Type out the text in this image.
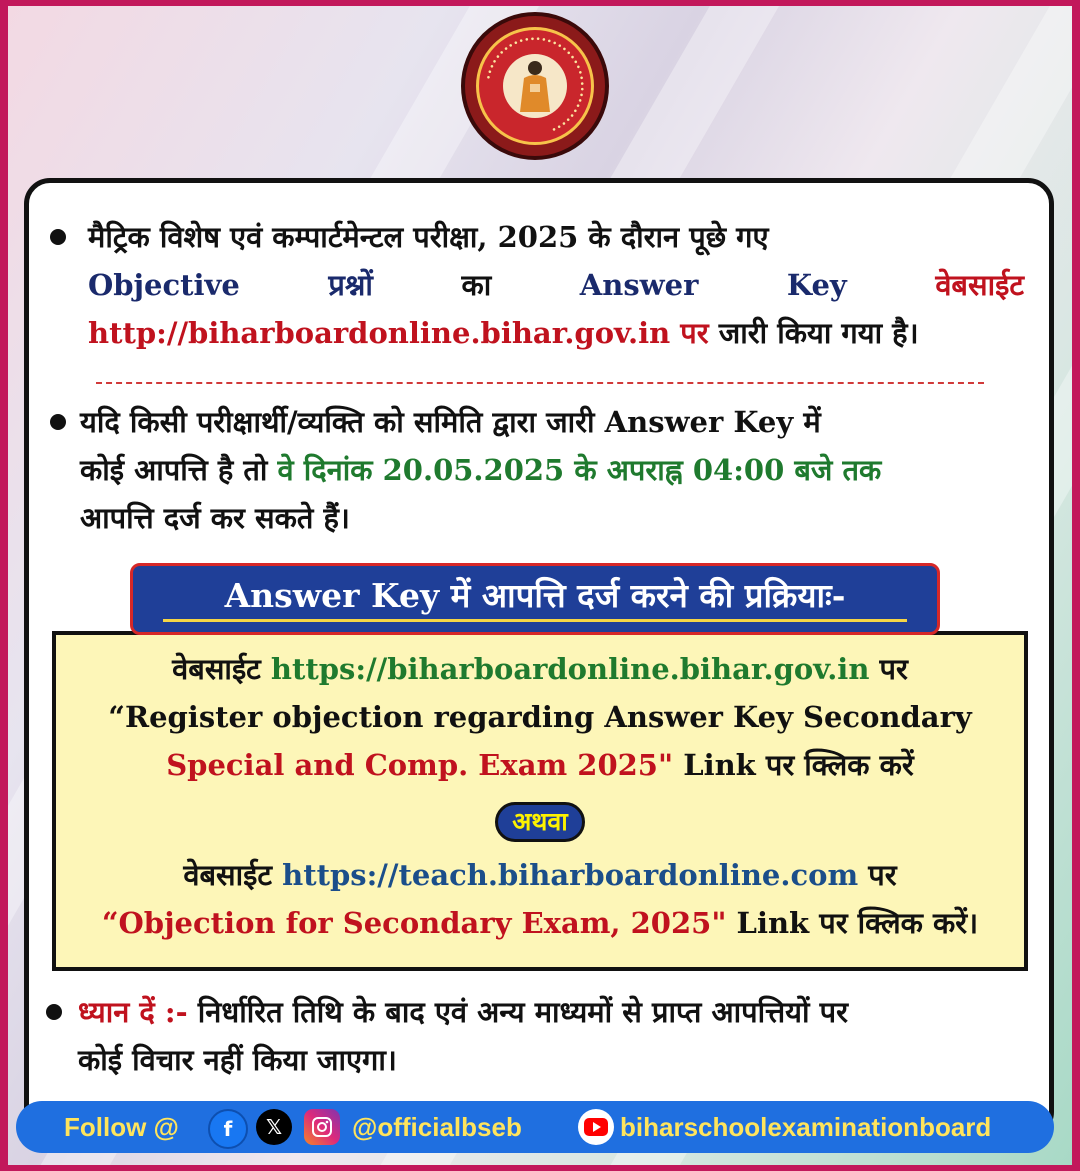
•••••••••••••••••••••••••••••••••••
मैट्रिक विशेष एवं कम्पार्टमेन्टल परीक्षा, 2025 के दौरान पूछे गए
Objective	प्रश्नों	का	Answer	Key	वेबसाईट
http://biharboardonline.bihar.gov.in पर जारी किया गया है।
यदि किसी परीक्षार्थी/व्यक्ति को समिति द्वारा जारी Answer Key में
कोई आपत्ति है तो वे दिनांक 20.05.2025 के अपराह्न 04:00 बजे तक
आपत्ति दर्ज कर सकते हैं।
वेबसाईट https://biharboardonline.bihar.gov.in पर
“Register objection regarding Answer Key Secondary
Special and Comp. Exam 2025" Link पर क्लिक करें
अथवा
वेबसाईट https://teach.biharboardonline.com पर
“Objection for Secondary Exam, 2025" Link पर क्लिक करें।
Answer Key में आपत्ति दर्ज करने की प्रक्रियाः-
ध्यान दें :- निर्धारित तिथि के बाद एवं अन्य माध्यमों से प्राप्त आपत्तियों पर
कोई विचार नहीं किया जाएगा।
Follow @	f	𝕏	@officialbseb	biharschoolexaminationboard
